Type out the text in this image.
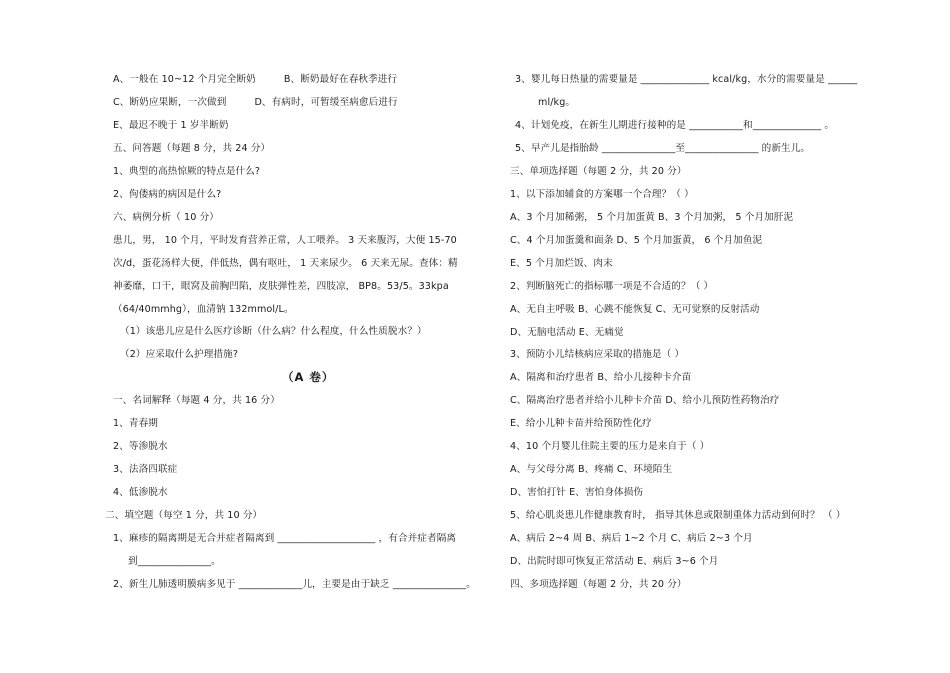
A、一般在 10~12 个月完全断奶	B、断奶最好在春秋季进行
C、断奶应果断，一次做到	D、有病时，可暂缓至病愈后进行
E、最迟不晚于 1 岁半断奶
五、问答题（每题 8 分，共 24 分）
1、典型的高热惊厥的特点是什么?
2、佝偻病的病因是什么?
六、病例分析（ 10 分）
患儿，男， 10 个月，平时发育营养正常，人工喂养。 3 天来腹泻，大便 15-70
次/d，蛋花汤样大便，伴低热，偶有呕吐， 1 天来尿少。 6 天来无尿。查体：精
神萎靡，口干，眼窝及前胸凹陷，皮肤弹性差，四肢凉， BP8。53/5。33kpa
（64/40mmhg），血清钠 132mmol/L。
（1）该患儿应是什么医疗诊断（什么病？什么程度，什么性质脱水？）
（2）应采取什么护理措施?
（A 卷）
一、名词解释（每题 4 分，共 16 分）
1、青春期
2、等渗脱水
3、法洛四联症
4、低渗脱水
二、填空题（每空 1 分，共 10 分）
1、麻疹的隔离期是无合并症者隔离到 ____________________ ，有合并症者隔离
到_______________。
2、新生儿肺透明膜病多见于 _____________儿，主要是由于缺乏 _______________。
3、婴儿每日热量的需要量是 ______________ kcal/kg，水分的需要量是 ______
ml/kg。
4、计划免疫，在新生儿期进行接种的是 ___________和______________ 。
5、早产儿是指胎龄 _______________至_______________ 的新生儿。
三、单项选择题（每题 2 分，共 20 分）
1、以下添加辅食的方案哪一个合理？（ ）
A、3 个月加稀粥， 5 个月加蛋黄 B、3 个月加粥， 5 个月加肝泥
C、4 个月加蛋羹和面条 D、5 个月加蛋黄， 6 个月加鱼泥
E、5 个月加烂饭、肉末
2、判断脑死亡的指标哪一项是不合适的？（ ）
A、无自主呼吸 B、心跳不能恢复 C、无可觉察的反射活动
D、无脑电活动 E、无痛觉
3、预防小儿结核病应采取的措施是（ ）
A、隔离和治疗患者 B、给小儿接种卡介苗
C、隔离治疗患者并给小儿种卡介苗 D、给小儿预防性药物治疗
E、给小儿种卡苗并给预防性化疗
4、10 个月婴儿住院主要的压力是来自于（ ）
A、与父母分离 B、疼痛 C、环境陌生
D、害怕打针 E、害怕身体损伤
5、给心肌炎患儿作健康教育时， 指导其休息或限制重体力活动到何时？ （ ）
A、病后 2~4 周 B、病后 1~2 个月 C、病后 2~3 个月
D、出院时即可恢复正常活动 E、病后 3~6 个月
四、多项选择题（每题 2 分，共 20 分）
